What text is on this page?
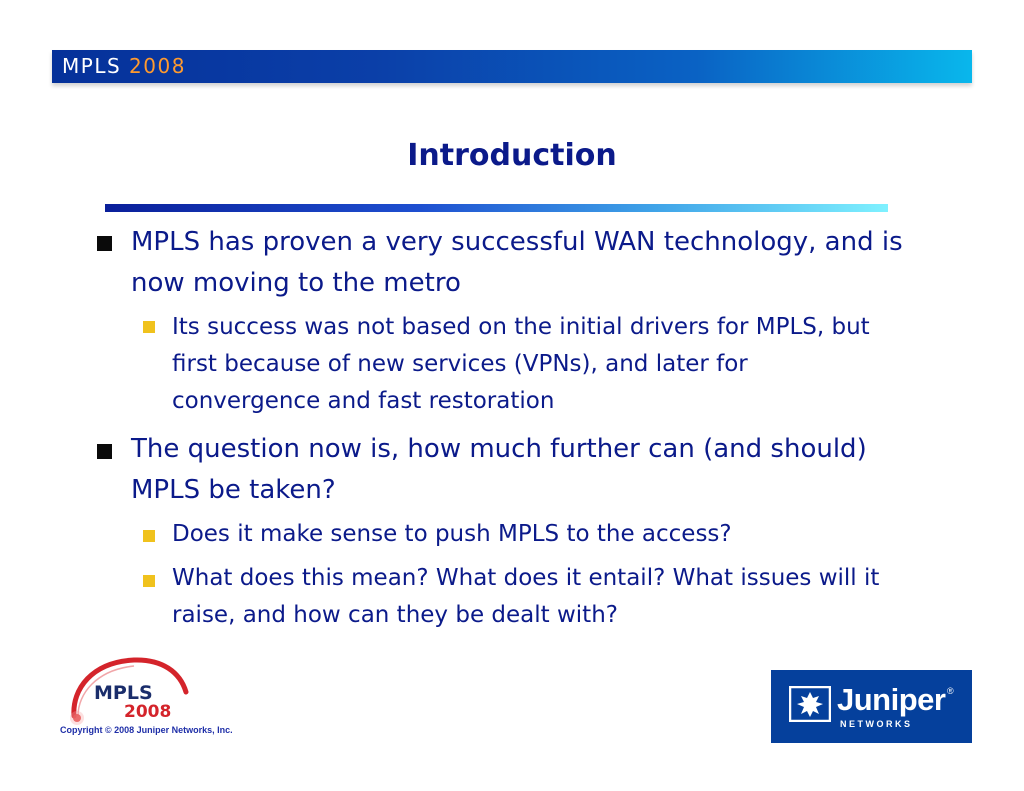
MPLS 2008
Introduction
MPLS has proven a very successful WAN technology, and is now moving to the metro
Its success was not based on the initial drivers for MPLS, but first because of new services (VPNs), and later for convergence and fast restoration
The question now is, how much further can (and should) MPLS be taken?
Does it make sense to push MPLS to the access?
What does this mean? What does it entail? What issues will it raise, and how can they be dealt with?
MPLS
2008
Copyright © 2008 Juniper Networks, Inc.
Juniper ®
NETWORKS
